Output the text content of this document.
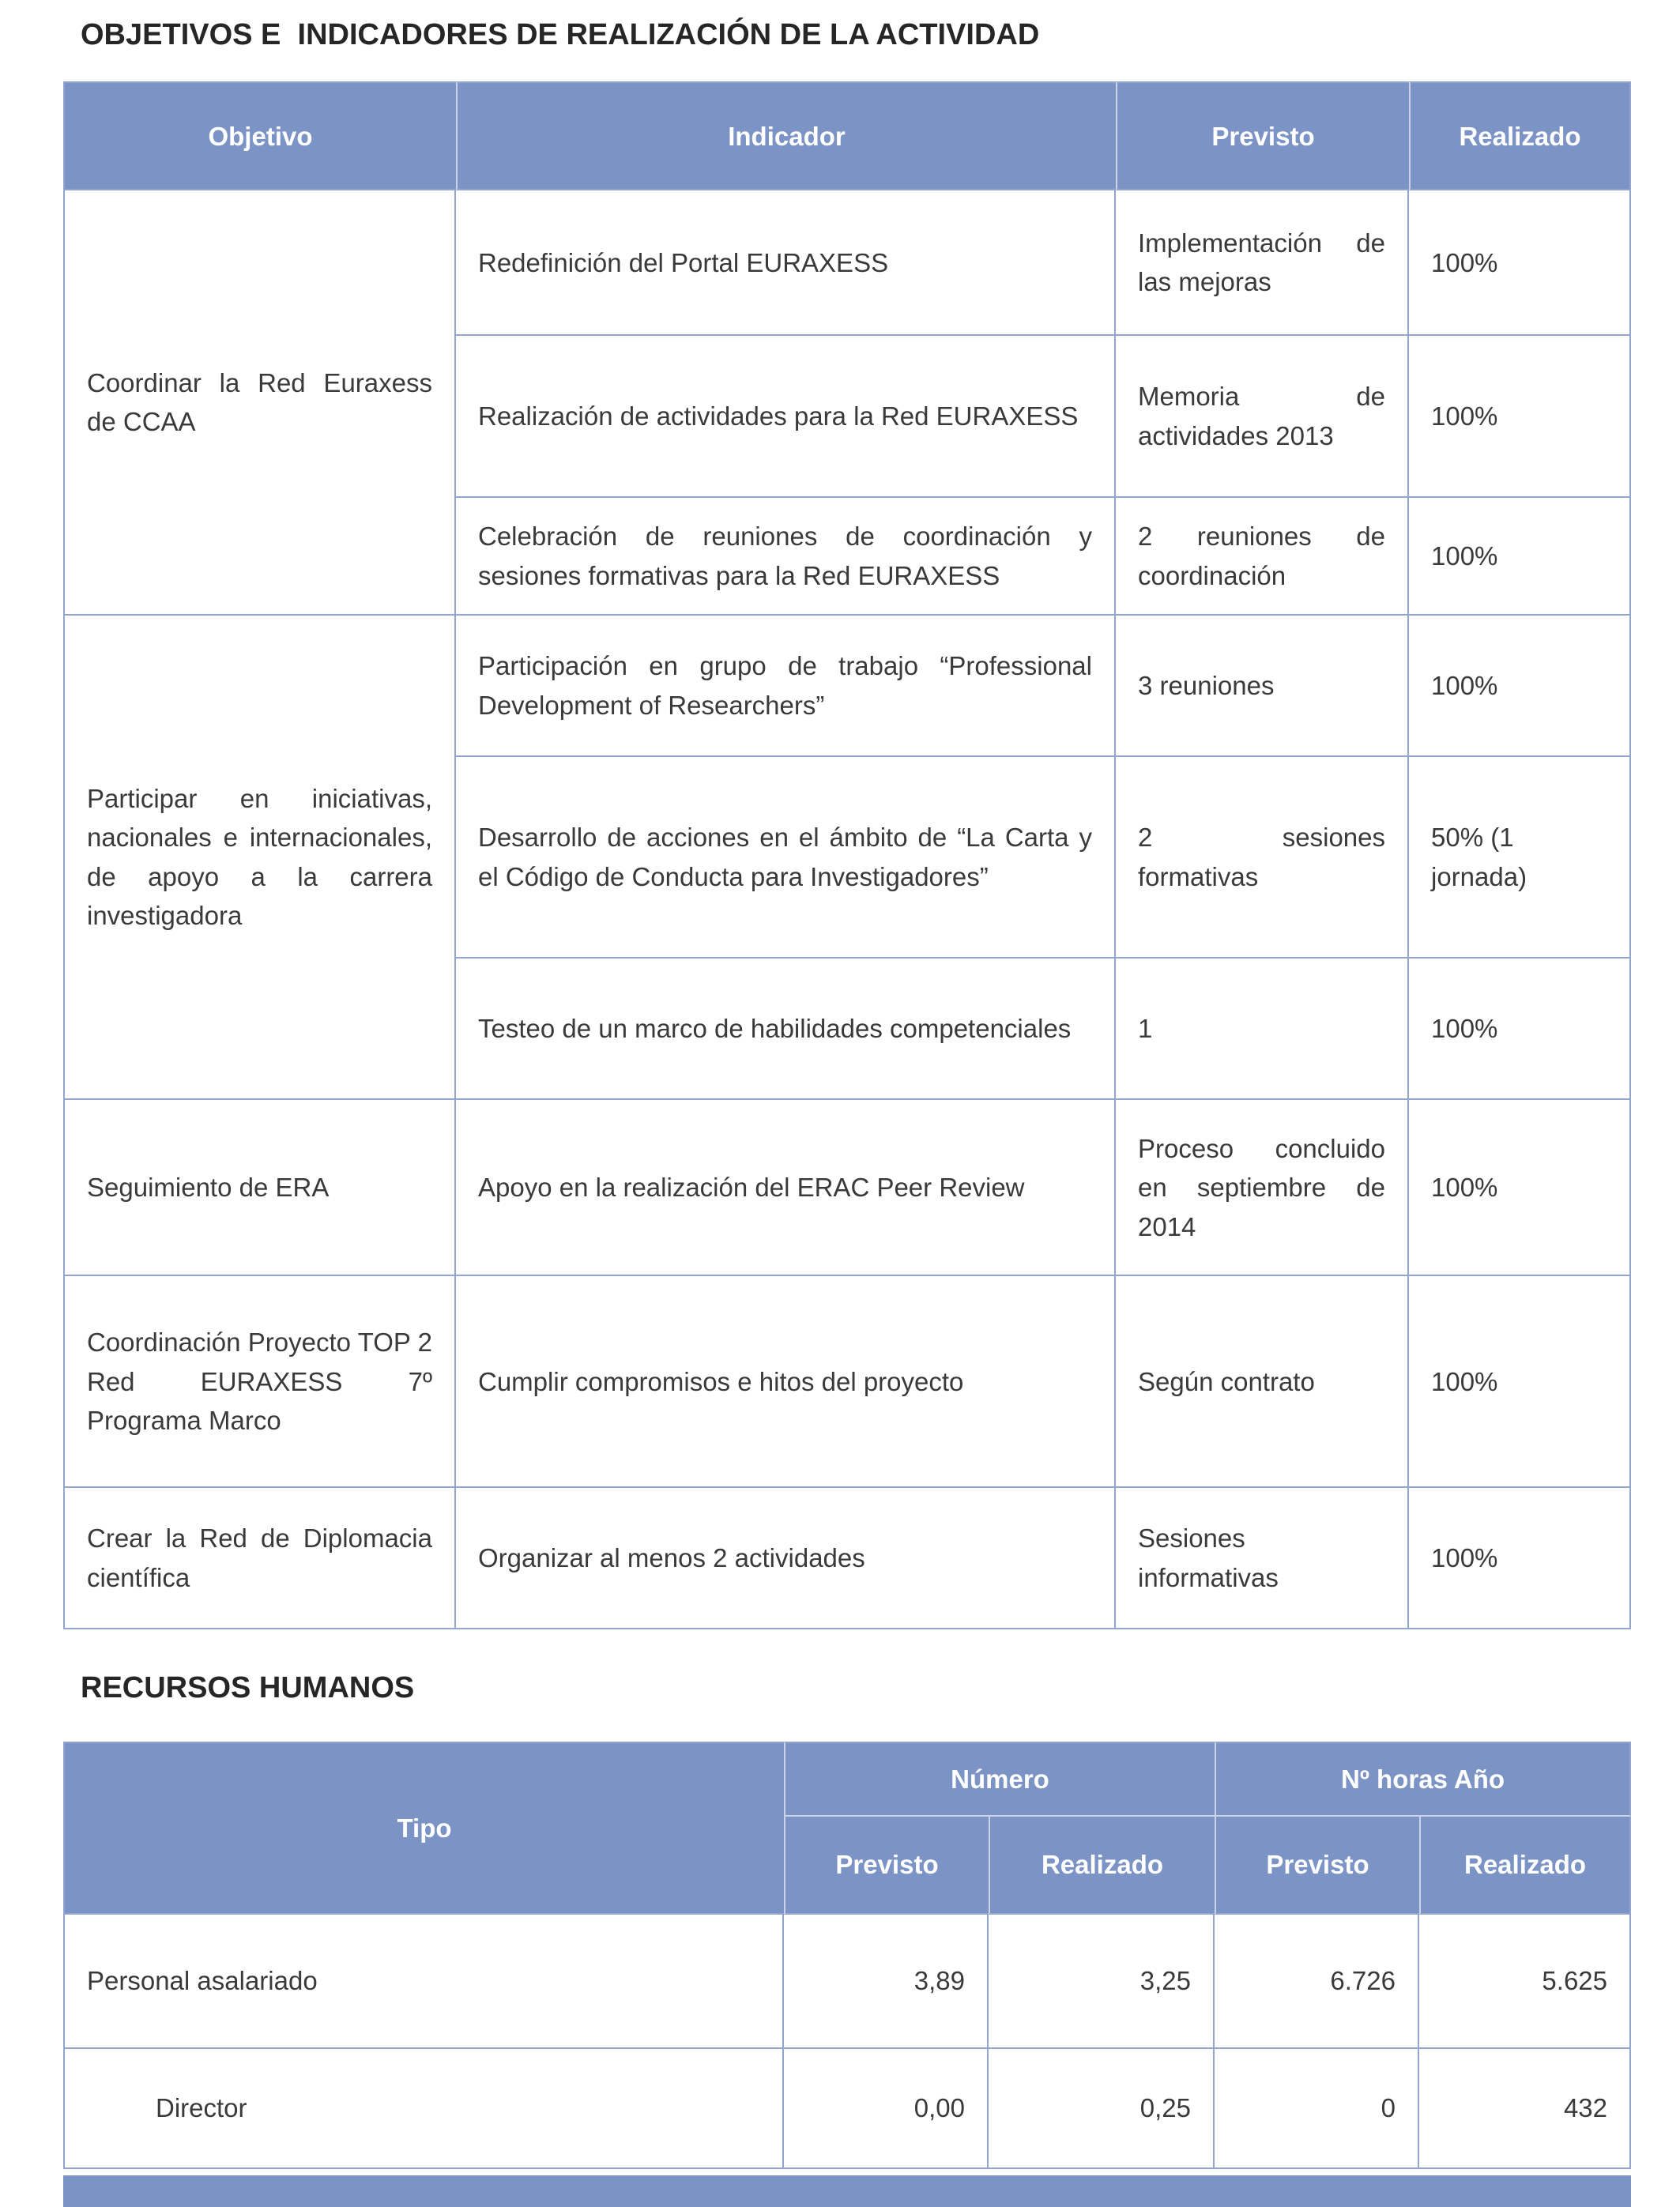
OBJETIVOS E  INDICADORES DE REALIZACIÓN DE LA ACTIVIDAD
Objetivo	Indicador	Previsto	Realizado
Coordinar la Red Euraxess de CCAA	Redefinición del Portal EURAXESS	Implementación de las mejoras	100%
	Realización de actividades para la Red EURAXESS	Memoria de actividades 2013	100%
	Celebración de reuniones de coordinación y sesiones formativas para la Red EURAXESS	2 reuniones de coordinación	100%
Participar en iniciativas, nacionales e internacionales, de apoyo a la carrera investigadora	Participación en grupo de trabajo “Professional Development of Researchers”	3 reuniones	100%
	Desarrollo de acciones en el ámbito de “La Carta y el Código de Conducta para Investigadores”	2 sesiones formativas	50% (1 jornada)
	Testeo de un marco de habilidades competenciales	1	100%
Seguimiento de ERA	Apoyo en la realización del ERAC Peer Review	Proceso concluido en septiembre de 2014	100%
Coordinación Proyecto TOP 2 Red EURAXESS 7º Programa Marco	Cumplir compromisos e hitos del proyecto	Según contrato	100%
Crear la Red de Diplomacia científica	Organizar al menos 2 actividades	Sesiones informativas	100%
RECURSOS HUMANOS
Tipo	Número		Nº horas Año	
	Previsto	Realizado	Previsto	Realizado
Personal asalariado	3,89	3,25	6.726	5.625
Director	0,00	0,25	0	432
